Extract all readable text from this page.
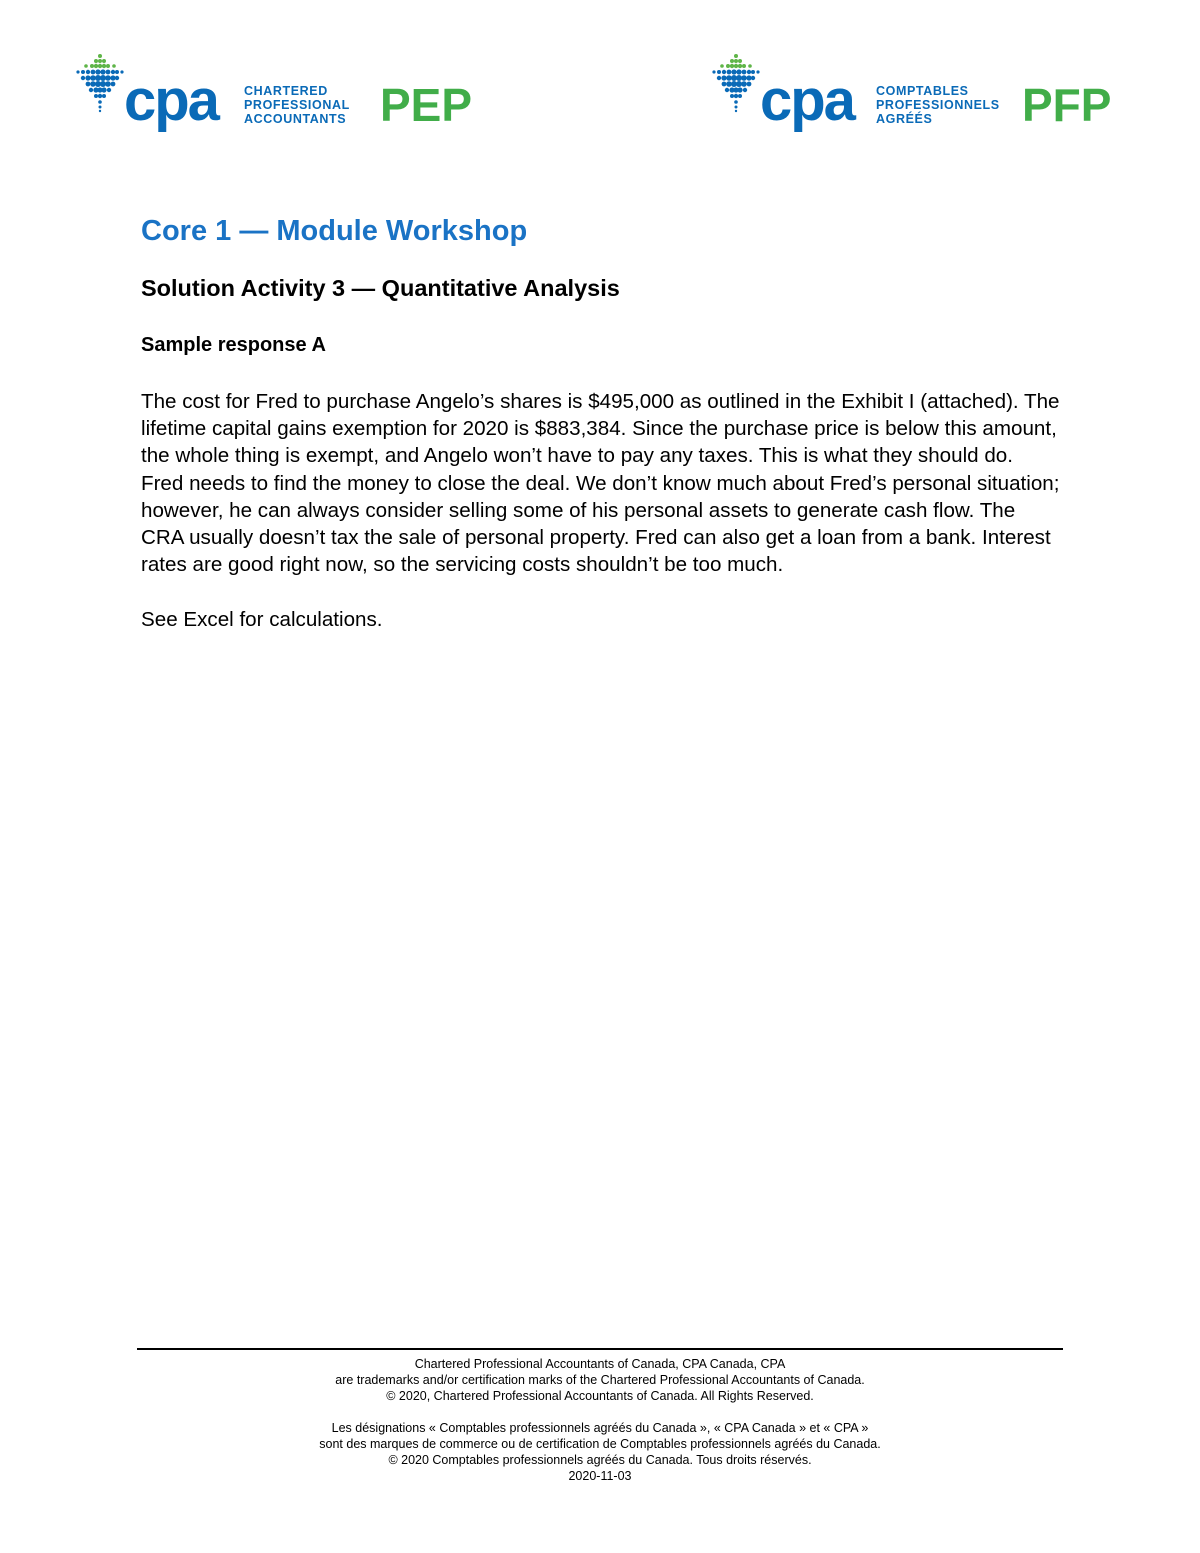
cpa CHARTERED
PROFESSIONAL
ACCOUNTANTS PEP	cpa COMPTABLES
PROFESSIONNELS
AGRÉÉS	PFP
Core 1 — Module Workshop
Solution Activity 3 — Quantitative Analysis
Sample response A

The cost for Fred to purchase Angelo’s shares is $495,000 as outlined in the Exhibit I (attached). The lifetime capital gains exemption for 2020 is $883,384. Since the purchase price is below this amount, the whole thing is exempt, and Angelo won’t have to pay any taxes. This is what they should do. Fred needs to find the money to close the deal. We don’t know much about Fred’s personal situation; however, he can always consider selling some of his personal assets to generate cash flow. The CRA usually doesn’t tax the sale of personal property. Fred can also get a loan from a bank. Interest rates are good right now, so the servicing costs shouldn’t be too much.

See Excel for calculations.

Chartered Professional Accountants of Canada, CPA Canada, CPA
are trademarks and/or certification marks of the Chartered Professional Accountants of Canada.
© 2020, Chartered Professional Accountants of Canada. All Rights Reserved.
Les désignations « Comptables professionnels agréés du Canada », « CPA Canada » et « CPA »
sont des marques de commerce ou de certification de Comptables professionnels agréés du Canada.
© 2020 Comptables professionnels agréés du Canada. Tous droits réservés.
2020-11-03
